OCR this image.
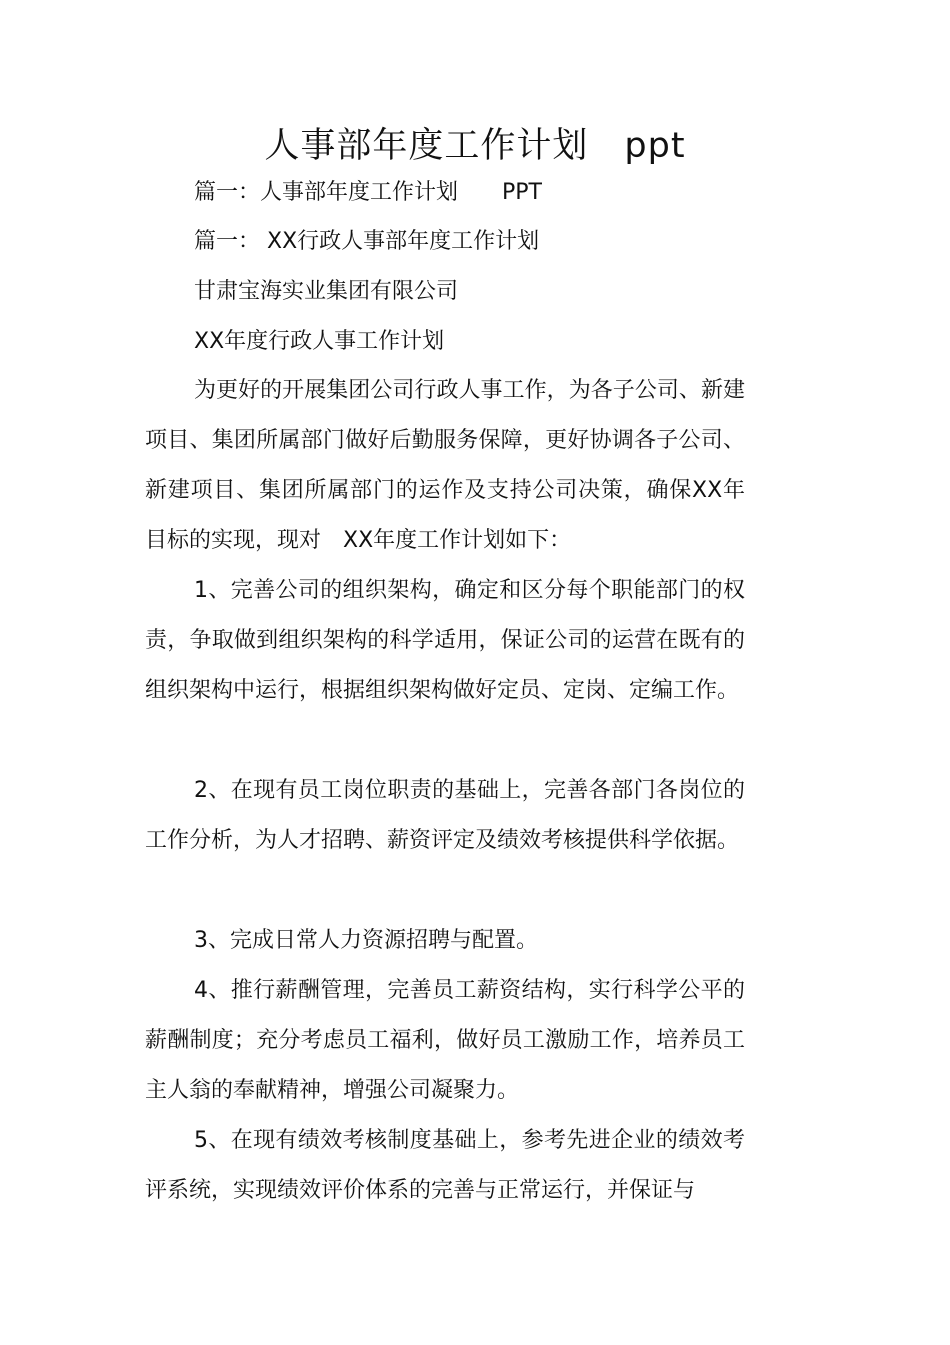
人事部年度工作计划　ppt
篇一：人事部年度工作计划　　PPT
篇一： XX行政人事部年度工作计划
甘肃宝海实业集团有限公司
XX年度行政人事工作计划
为更好的开展集团公司行政人事工作，为各子公司、新建项目、集团所属部门做好后勤服务保障，更好协调各子公司、新建项目、集团所属部门的运作及支持公司决策，确保XX年目标的实现，现对　XX年度工作计划如下：
1、完善公司的组织架构，确定和区分每个职能部门的权责，争取做到组织架构的科学适用，保证公司的运营在既有的组织架构中运行，根据组织架构做好定员、定岗、定编工作。
2、在现有员工岗位职责的基础上，完善各部门各岗位的工作分析，为人才招聘、薪资评定及绩效考核提供科学依据。
3、完成日常人力资源招聘与配置。
4、推行薪酬管理，完善员工薪资结构，实行科学公平的薪酬制度；充分考虑员工福利，做好员工激励工作，培养员工主人翁的奉献精神，增强公司凝聚力。
5、在现有绩效考核制度基础上，参考先进企业的绩效考评系统，实现绩效评价体系的完善与正常运行，并保证与
